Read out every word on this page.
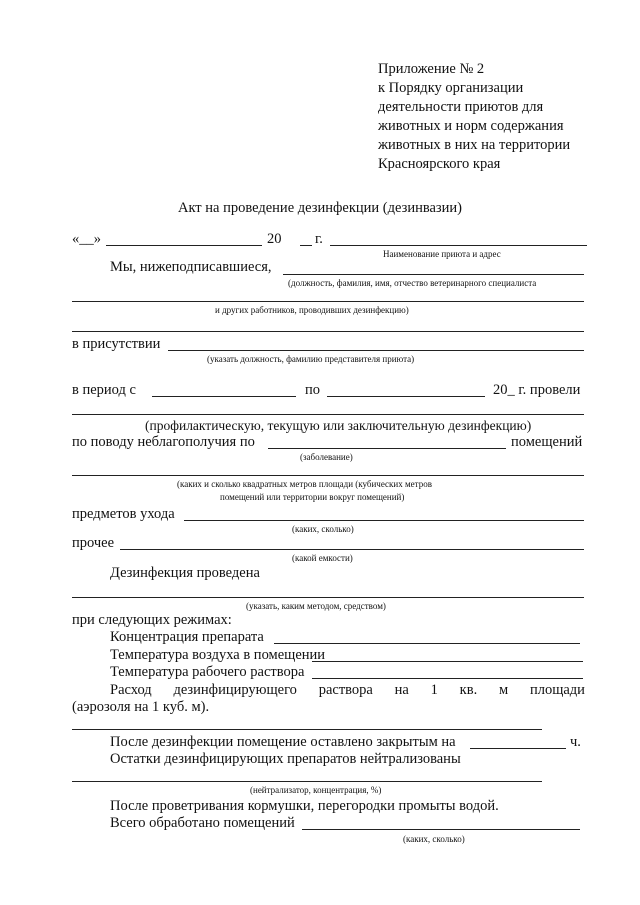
Приложение № 2
к Порядку организации
деятельности приютов для
животных и норм содержания
животных в них на территории
Красноярского края
Акт на проведение дезинфекции (дезинвазии)
«__»	20 г.
Наименование приюта и адрес
Мы, нижеподписавшиеся,
(должность, фамилия, имя, отчество ветеринарного специалиста
и других работников, проводивших дезинфекцию)
в присутствии
(указать должность, фамилию представителя приюта)
в период с	по	20_ г. провели
(профилактическую, текущую или заключительную дезинфекцию)
по поводу неблагополучия по	помещений
(заболевание)
(каких и сколько квадратных метров площади (кубических метров
помещений или территории вокруг помещений)
предметов ухода
(каких, сколько)
прочее
(какой емкости)
Дезинфекция проведена
(указать, каким методом, средством)
при следующих режимах:
Концентрация препарата
Температура воздуха в помещении
Температура рабочего раствора
Расход дезинфицирующего раствора на 1 кв. м площади
(аэрозоля на 1 куб. м).
После дезинфекции помещение оставлено закрытым на	ч.
Остатки дезинфицирующих препаратов нейтрализованы
(нейтрализатор, концентрация, %)
После проветривания кормушки, перегородки промыты водой.
Всего обработано помещений
(каких, сколько)
